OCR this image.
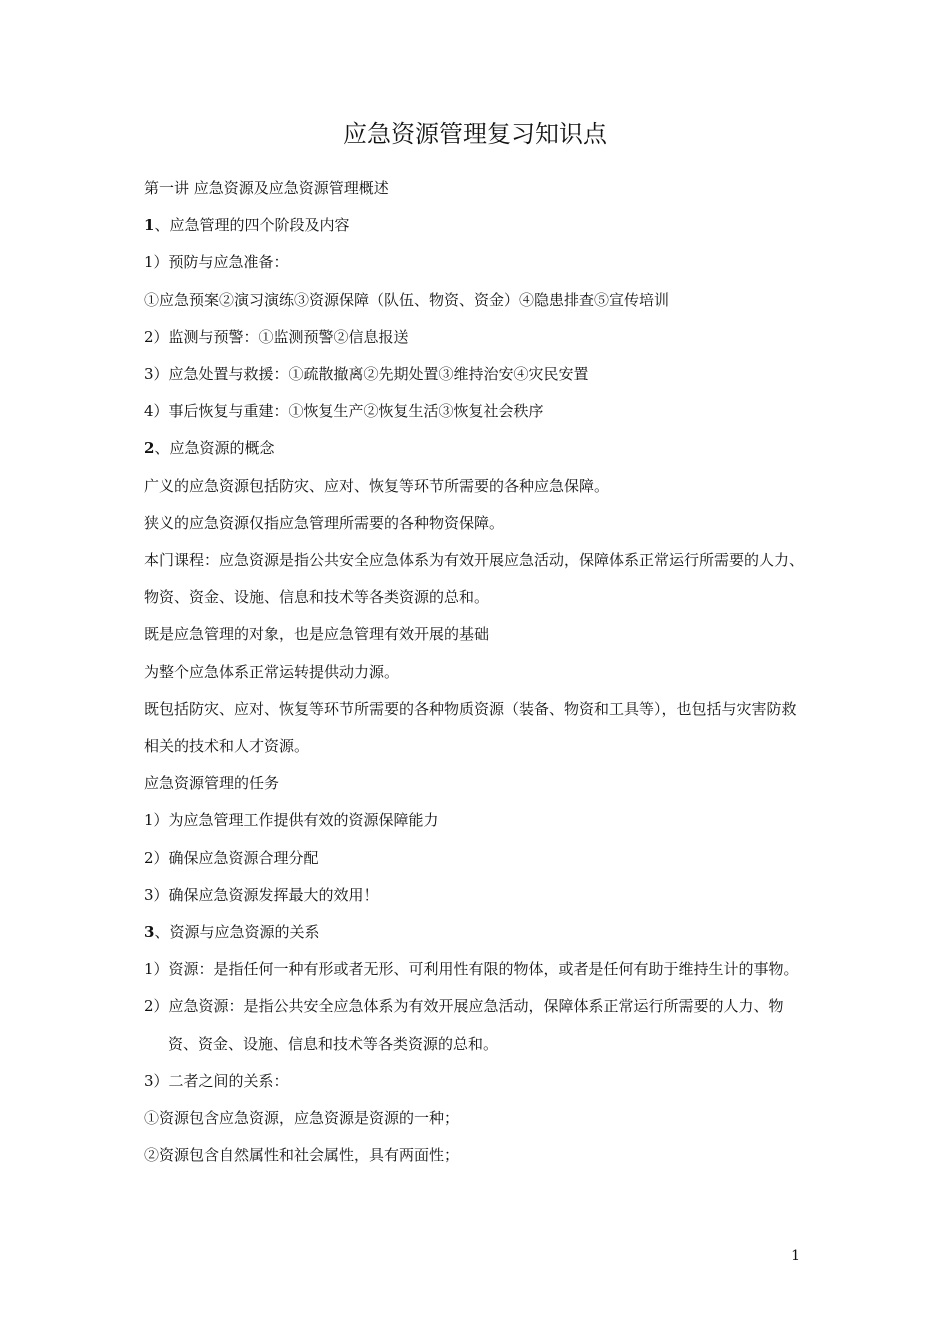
应急资源管理复习知识点

第一讲 应急资源及应急资源管理概述

1、应急管理的四个阶段及内容

1）预防与应急准备：

①应急预案②演习演练③资源保障（队伍、物资、资金）④隐患排查⑤宣传培训

2）监测与预警：①监测预警②信息报送

3）应急处置与救援：①疏散撤离②先期处置③维持治安④灾民安置

4）事后恢复与重建：①恢复生产②恢复生活③恢复社会秩序

2、应急资源的概念

广义的应急资源包括防灾、应对、恢复等环节所需要的各种应急保障。

狭义的应急资源仅指应急管理所需要的各种物资保障。

本门课程：应急资源是指公共安全应急体系为有效开展应急活动，保障体系正常运行所需要的人力、物资、资金、设施、信息和技术等各类资源的总和。

既是应急管理的对象，也是应急管理有效开展的基础

为整个应急体系正常运转提供动力源。

既包括防灾、应对、恢复等环节所需要的各种物质资源（装备、物资和工具等），也包括与灾害防救相关的技术和人才资源。

应急资源管理的任务

1）为应急管理工作提供有效的资源保障能力

2）确保应急资源合理分配

3）确保应急资源发挥最大的效用！

3、资源与应急资源的关系

1）资源：是指任何一种有形或者无形、可利用性有限的物体，或者是任何有助于维持生计的事物。

2）应急资源：是指公共安全应急体系为有效开展应急活动，保障体系正常运行所需要的人力、物资、资金、设施、信息和技术等各类资源的总和。

3）二者之间的关系：

①资源包含应急资源，应急资源是资源的一种；

②资源包含自然属性和社会属性，具有两面性；

1
